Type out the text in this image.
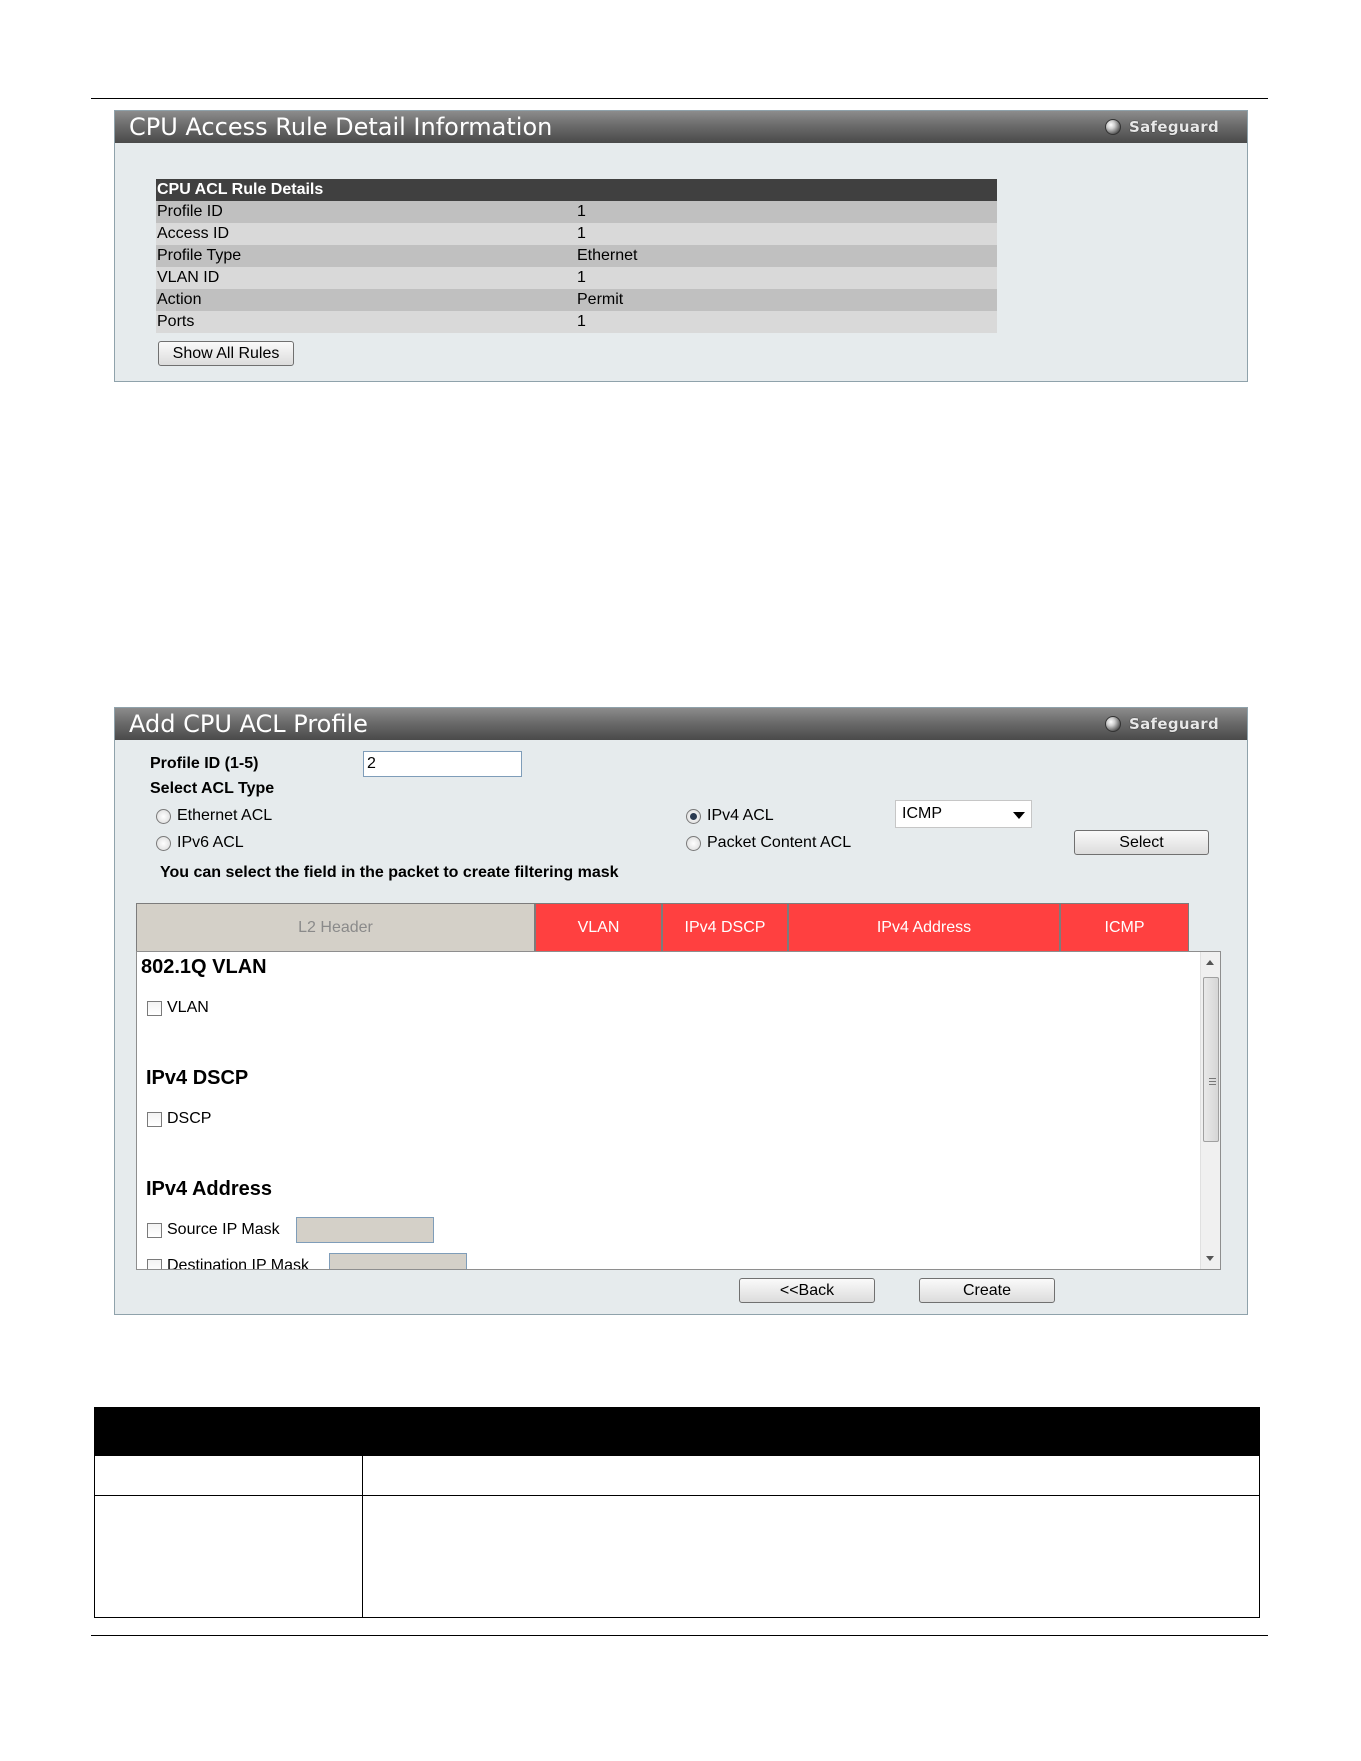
CPU Access Rule Detail Information	Safeguard
CPU ACL Rule Details	
Profile ID	1
Access ID	1
Profile Type	Ethernet
VLAN ID	1
Action	Permit
Ports	1
Show All Rules
Add CPU ACL Profile	Safeguard
Profile ID (1-5)
2
Select ACL Type
Ethernet ACL	IPv4 ACL	ICMP
IPv6 ACL	Packet Content ACL	Select
You can select the field in the packet to create filtering mask
L2 Header	VLAN	IPv4 DSCP	IPv4 Address	ICMP
802.1Q VLAN
VLAN
IPv4 DSCP
DSCP
IPv4 Address
Source IP Mask
Destination IP Mask
<<Back	Create
